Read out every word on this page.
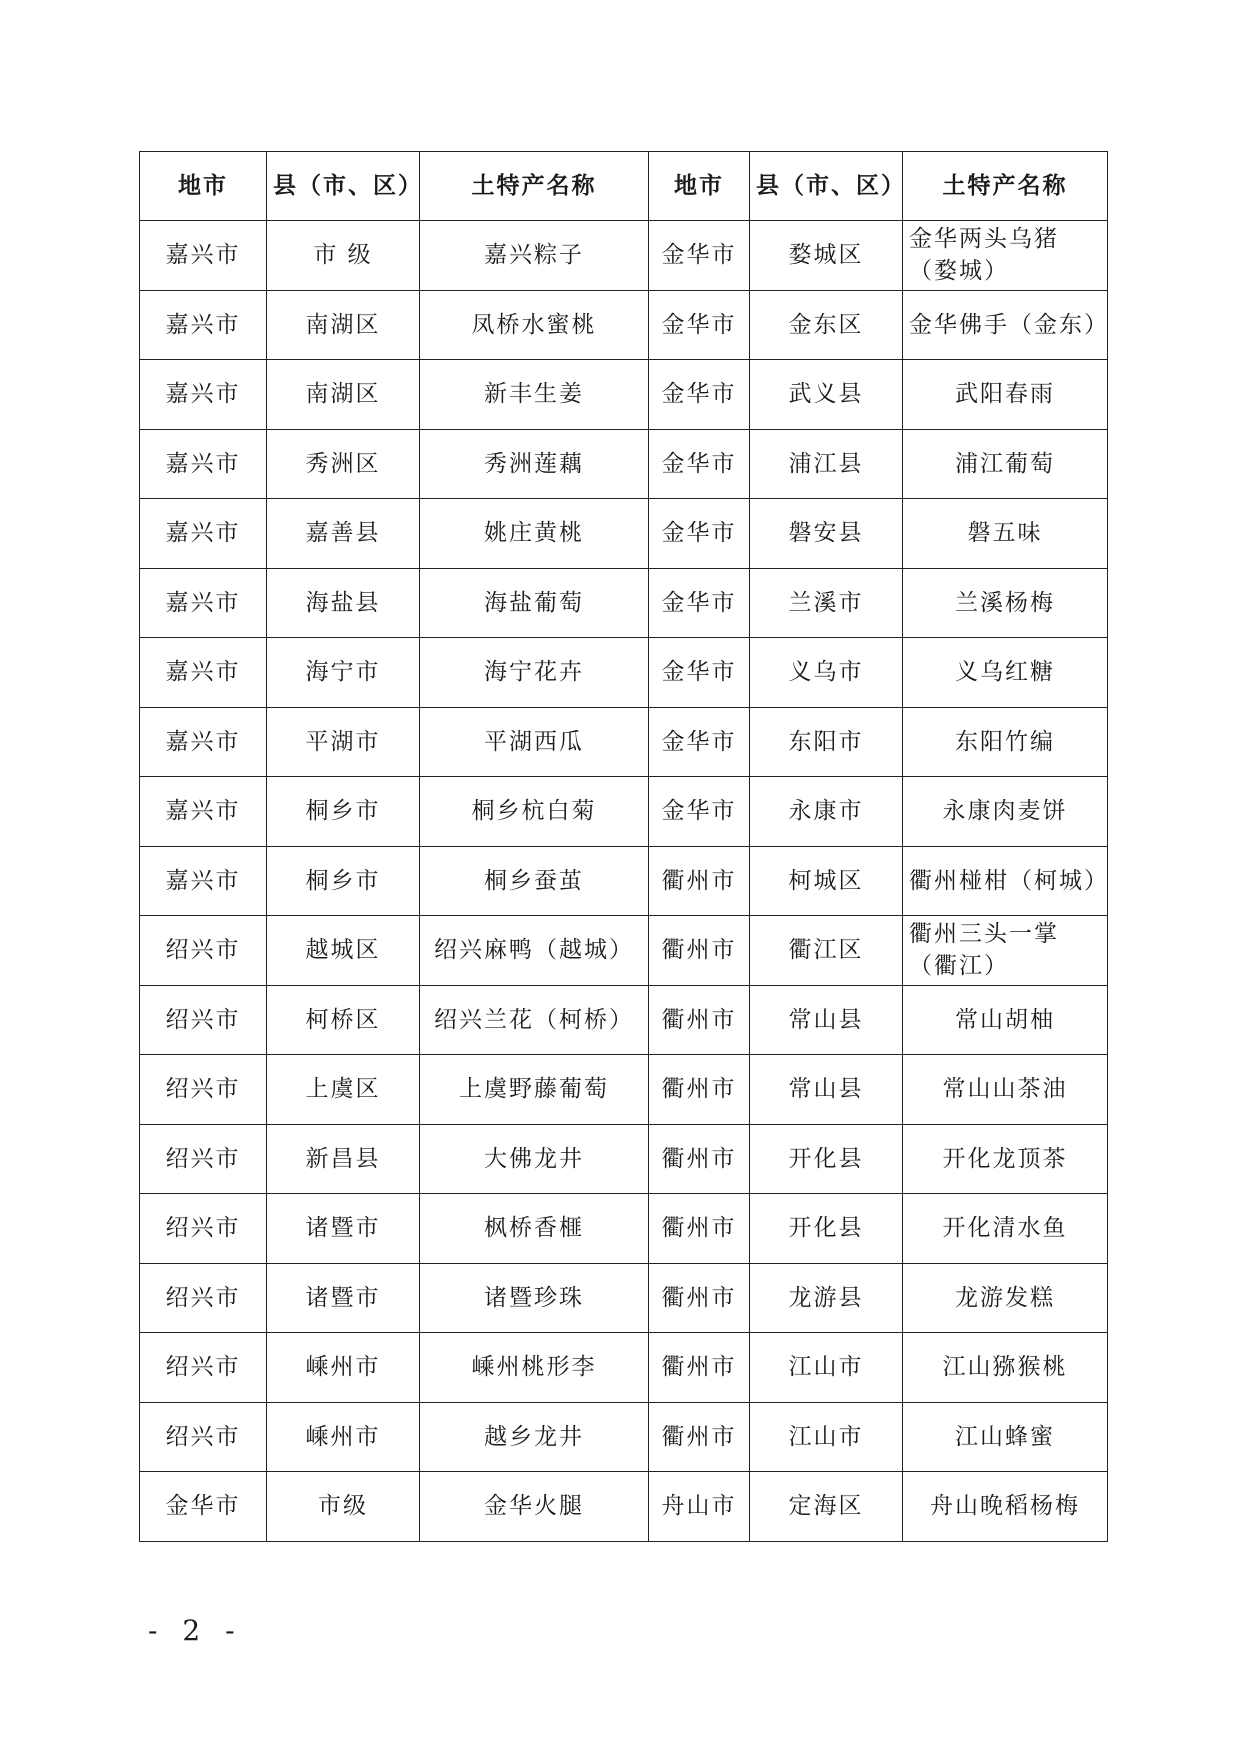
地市	县（市、区）	土特产名称	地市	县（市、区）	土特产名称
嘉兴市	市 级	嘉兴粽子	金华市	婺城区	金华两头乌猪（婺城）
嘉兴市	南湖区	凤桥水蜜桃	金华市	金东区	金华佛手（金东）
嘉兴市	南湖区	新丰生姜	金华市	武义县	武阳春雨
嘉兴市	秀洲区	秀洲莲藕	金华市	浦江县	浦江葡萄
嘉兴市	嘉善县	姚庄黄桃	金华市	磐安县	磐五味
嘉兴市	海盐县	海盐葡萄	金华市	兰溪市	兰溪杨梅
嘉兴市	海宁市	海宁花卉	金华市	义乌市	义乌红糖
嘉兴市	平湖市	平湖西瓜	金华市	东阳市	东阳竹编
嘉兴市	桐乡市	桐乡杭白菊	金华市	永康市	永康肉麦饼
嘉兴市	桐乡市	桐乡蚕茧	衢州市	柯城区	衢州椪柑（柯城）
绍兴市	越城区	绍兴麻鸭（越城）	衢州市	衢江区	衢州三头一掌（衢江）
绍兴市	柯桥区	绍兴兰花（柯桥）	衢州市	常山县	常山胡柚
绍兴市	上虞区	上虞野藤葡萄	衢州市	常山县	常山山茶油
绍兴市	新昌县	大佛龙井	衢州市	开化县	开化龙顶茶
绍兴市	诸暨市	枫桥香榧	衢州市	开化县	开化清水鱼
绍兴市	诸暨市	诸暨珍珠	衢州市	龙游县	龙游发糕
绍兴市	嵊州市	嵊州桃形李	衢州市	江山市	江山猕猴桃
绍兴市	嵊州市	越乡龙井	衢州市	江山市	江山蜂蜜
金华市	市级	金华火腿	舟山市	定海区	舟山晚稻杨梅
- 2 -
